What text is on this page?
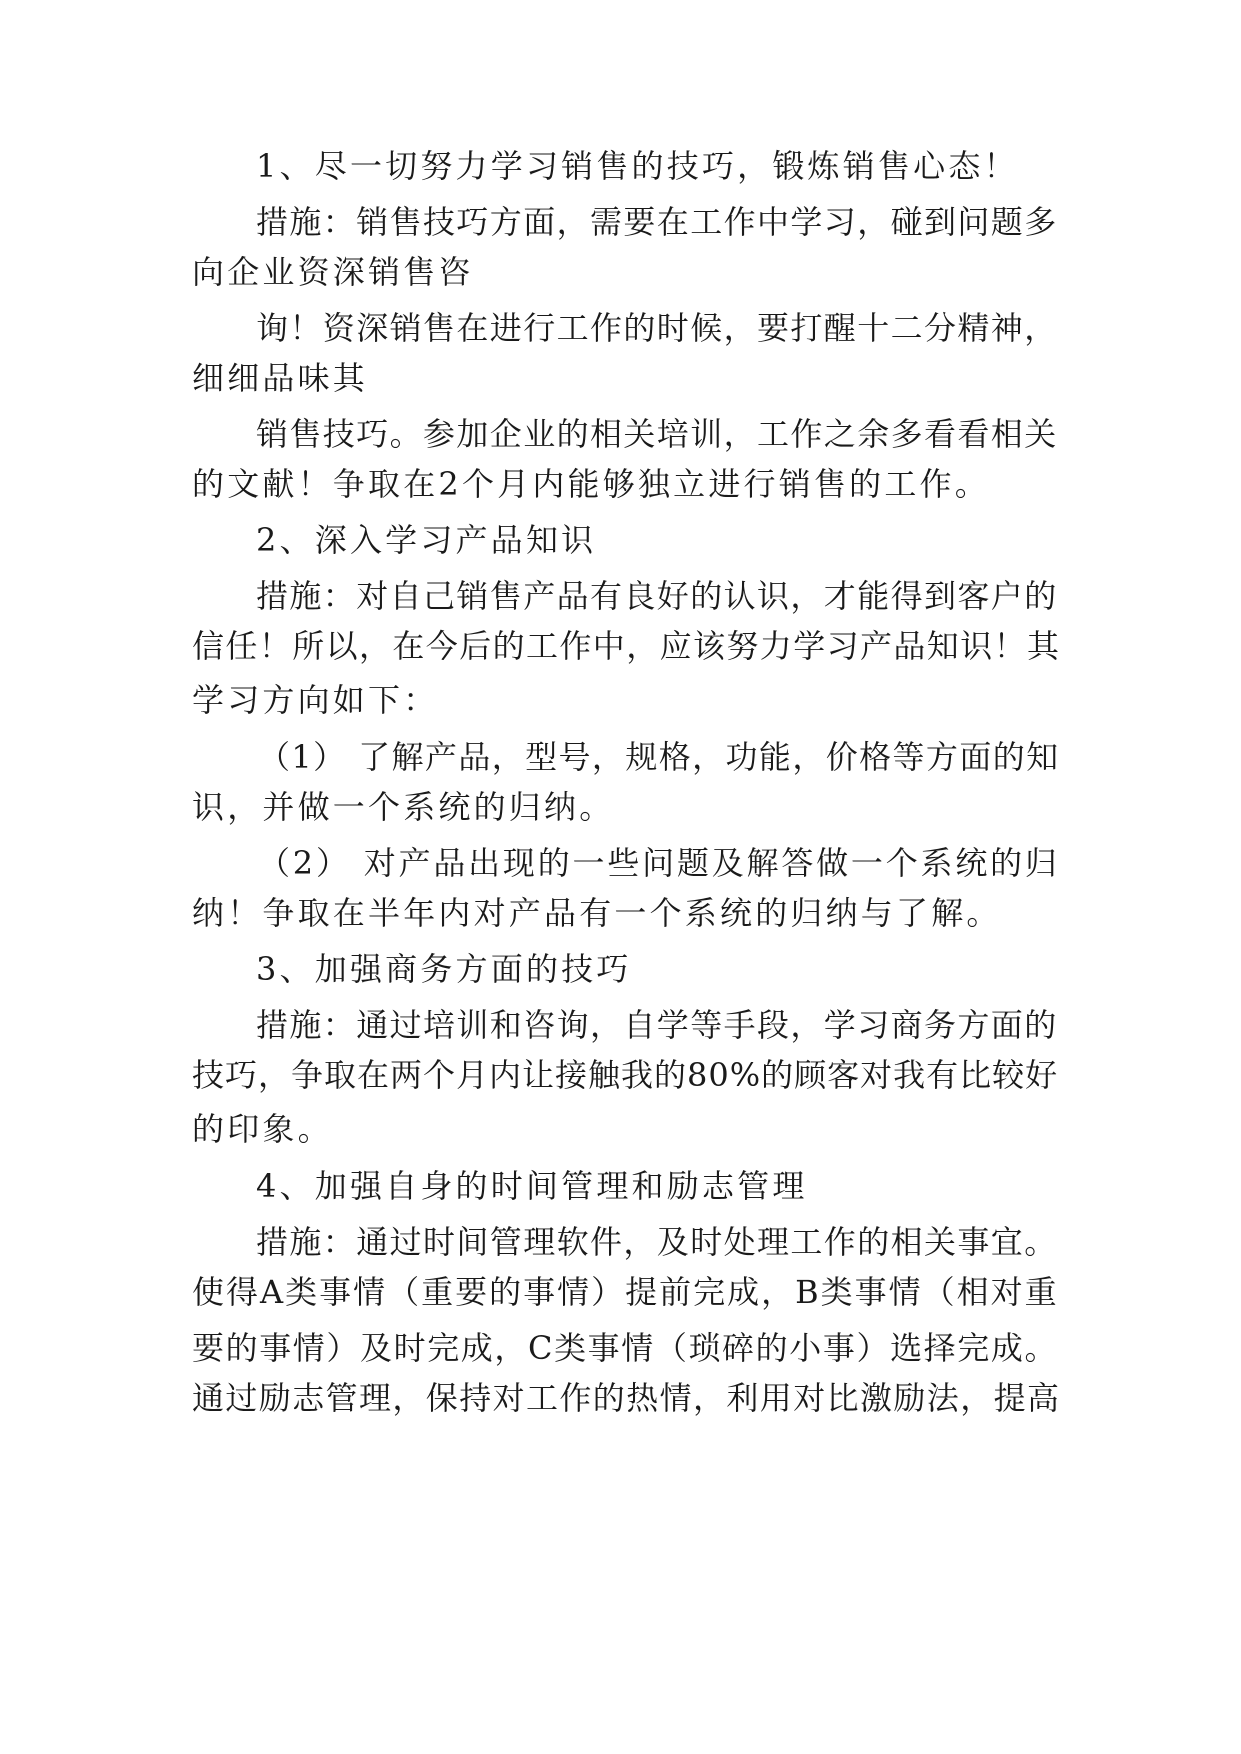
1、尽一切努力学习销售的技巧，锻炼销售心态！
措施：销售技巧方面，需要在工作中学习，碰到问题多
向企业资深销售咨
询！资深销售在进行工作的时候，要打醒十二分精神，
细细品味其
销售技巧。参加企业的相关培训，工作之余多看看相关
的文献！争取在2个月内能够独立进行销售的工作。
2、深入学习产品知识
措施：对自己销售产品有良好的认识，才能得到客户的
信任！所以，在今后的工作中，应该努力学习产品知识！其
学习方向如下：
（1） 了解产品，型号，规格，功能，价格等方面的知
识，并做一个系统的归纳。
（2） 对产品出现的一些问题及解答做一个系统的归
纳！争取在半年内对产品有一个系统的归纳与了解。
3、加强商务方面的技巧
措施：通过培训和咨询，自学等手段，学习商务方面的
技巧，争取在两个月内让接触我的80%的顾客对我有比较好
的印象。
4、加强自身的时间管理和励志管理
措施：通过时间管理软件，及时处理工作的相关事宜。
使得A类事情（重要的事情）提前完成，B类事情（相对重
要的事情）及时完成，C类事情（琐碎的小事）选择完成。
通过励志管理，保持对工作的热情，利用对比激励法，提高
